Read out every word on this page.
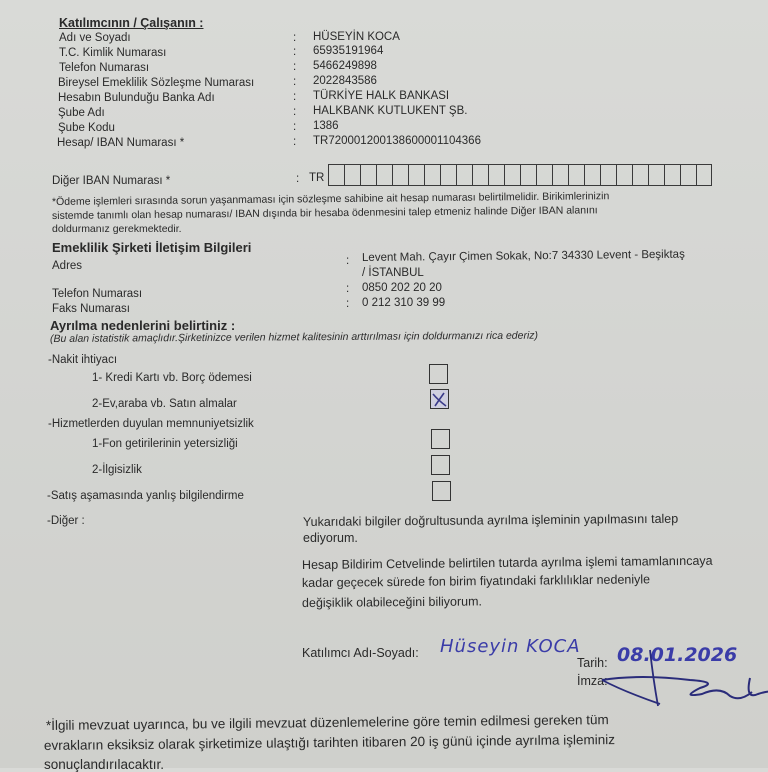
Katılımcının / Çalışanın :
Adı ve Soyadı	: HÜSEYİN KOCA
T.C. Kimlik Numarası	: 65935191964
Telefon Numarası	: 5466249898
Bireysel Emeklilik Sözleşme Numarası	: 2022843586
Hesabın Bulunduğu Banka Adı	: TÜRKİYE HALK BANKASI
Şube Adı	: HALKBANK KUTLUKENT ŞB.
Şube Kodu	: 1386
Hesap/ IBAN Numarası *	: TR720001200138600001104366
Diğer IBAN Numarası *	: TR
*Ödeme işlemleri sırasında sorun yaşanmaması için sözleşme sahibine ait hesap numarası belirtilmelidir. Birikimlerinizin
sistemde tanımlı olan hesap numarası/ IBAN dışında bir hesaba ödenmesini talep etmeniz halinde Diğer IBAN alanını
doldurmanız gerekmektedir.
Emeklilik Şirketi İletişim Bilgileri
Adres	: Levent Mah. Çayır Çimen Sokak, No:7 34330 Levent - Beşiktaş
/ İSTANBUL
Telefon Numarası	: 0850 202 20 20
Faks Numarası	: 0 212 310 39 99
Ayrılma nedenlerini belirtiniz :
(Bu alan istatistik amaçlıdır.Şirketinizce verilen hizmet kalitesinin arttırılması için doldurmanızı rica ederiz)
-Nakit ihtiyacı
1- Kredi Kartı vb. Borç ödemesi
2-Ev,araba vb. Satın almalar
-Hizmetlerden duyulan memnuniyetsizlik
1-Fon getirilerinin yetersizliği
2-İlgisizlik
-Satış aşamasında yanlış bilgilendirme
-Diğer :	Yukarıdaki bilgiler doğrultusunda ayrılma işleminin yapılmasını talep
ediyorum.
Hesap Bildirim Cetvelinde belirtilen tutarda ayrılma işlemi tamamlanıncaya
kadar geçecek sürede fon birim fiyatındaki farklılıklar nedeniyle
değişiklik olabileceğini biliyorum.
Katılımcı Adı-Soyadı: Hüseyin KOCA
Tarih: 08.01.2026
İmza:
*İlgili mevzuat uyarınca, bu ve ilgili mevzuat düzenlemelerine göre temin edilmesi gereken tüm
evrakların eksiksiz olarak şirketimize ulaştığı tarihten itibaren 20 iş günü içinde ayrılma işleminiz
sonuçlandırılacaktır.
